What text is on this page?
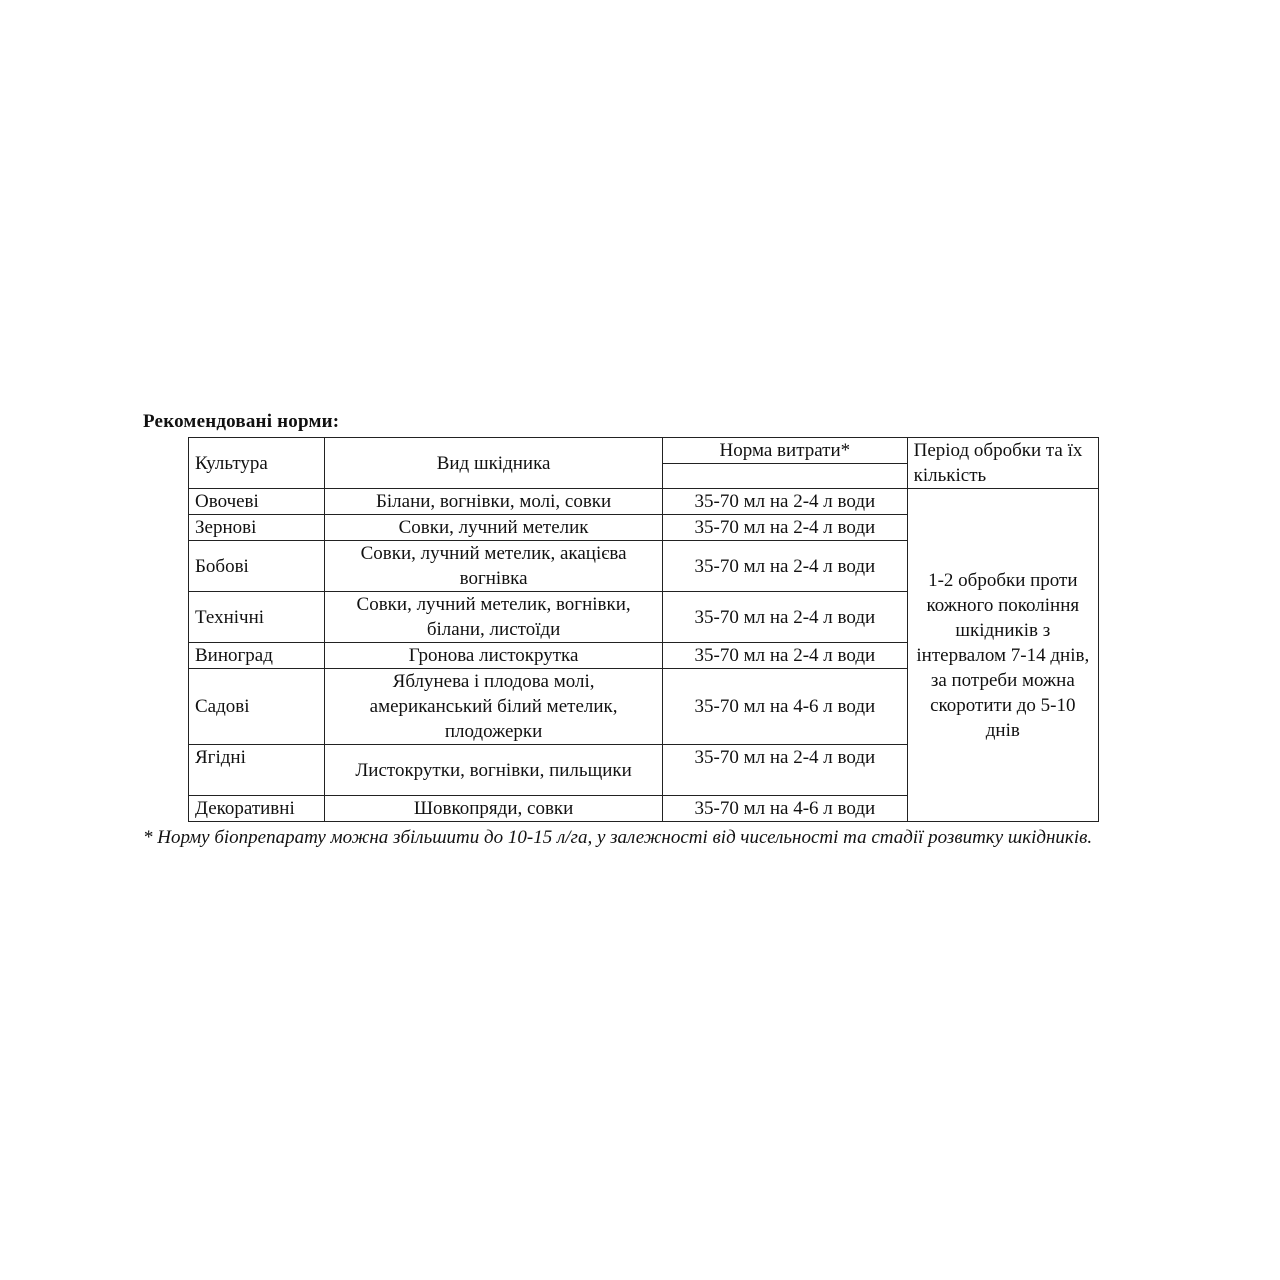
Рекомендовані норми:
Культура	Вид шкідника	Норма витрати*	Період обробки та їх кількість

Овочеві	Білани, вогнівки, молі, совки	35-70 мл на 2-4 л води	1-2 обробки проти кожного покоління шкідників з інтервалом 7-14 днів, за потреби можна скоротити до 5-10 днів
Зернові	Совки, лучний метелик	35-70 мл на 2-4 л води	
Бобові	Совки, лучний метелик, акацієва вогнівка	35-70 мл на 2-4 л води	
Технічні	Совки, лучний метелик, вогнівки, білани, листоїди	35-70 мл на 2-4 л води	
Виноград	Гронова листокрутка	35-70 мл на 2-4 л води	
Садові	Яблунева і плодова молі, американський білий метелик, плодожерки	35-70 мл на 4-6 л води	
Ягідні	Листокрутки, вогнівки, пильщики	35-70 мл на 2-4 л води	
Декоративні	Шовкопряди, совки	35-70 мл на 4-6 л води	
* Норму біопрепарату можна збільшити до 10-15 л/га, у залежності від чисельності та стадії розвитку шкідників.
